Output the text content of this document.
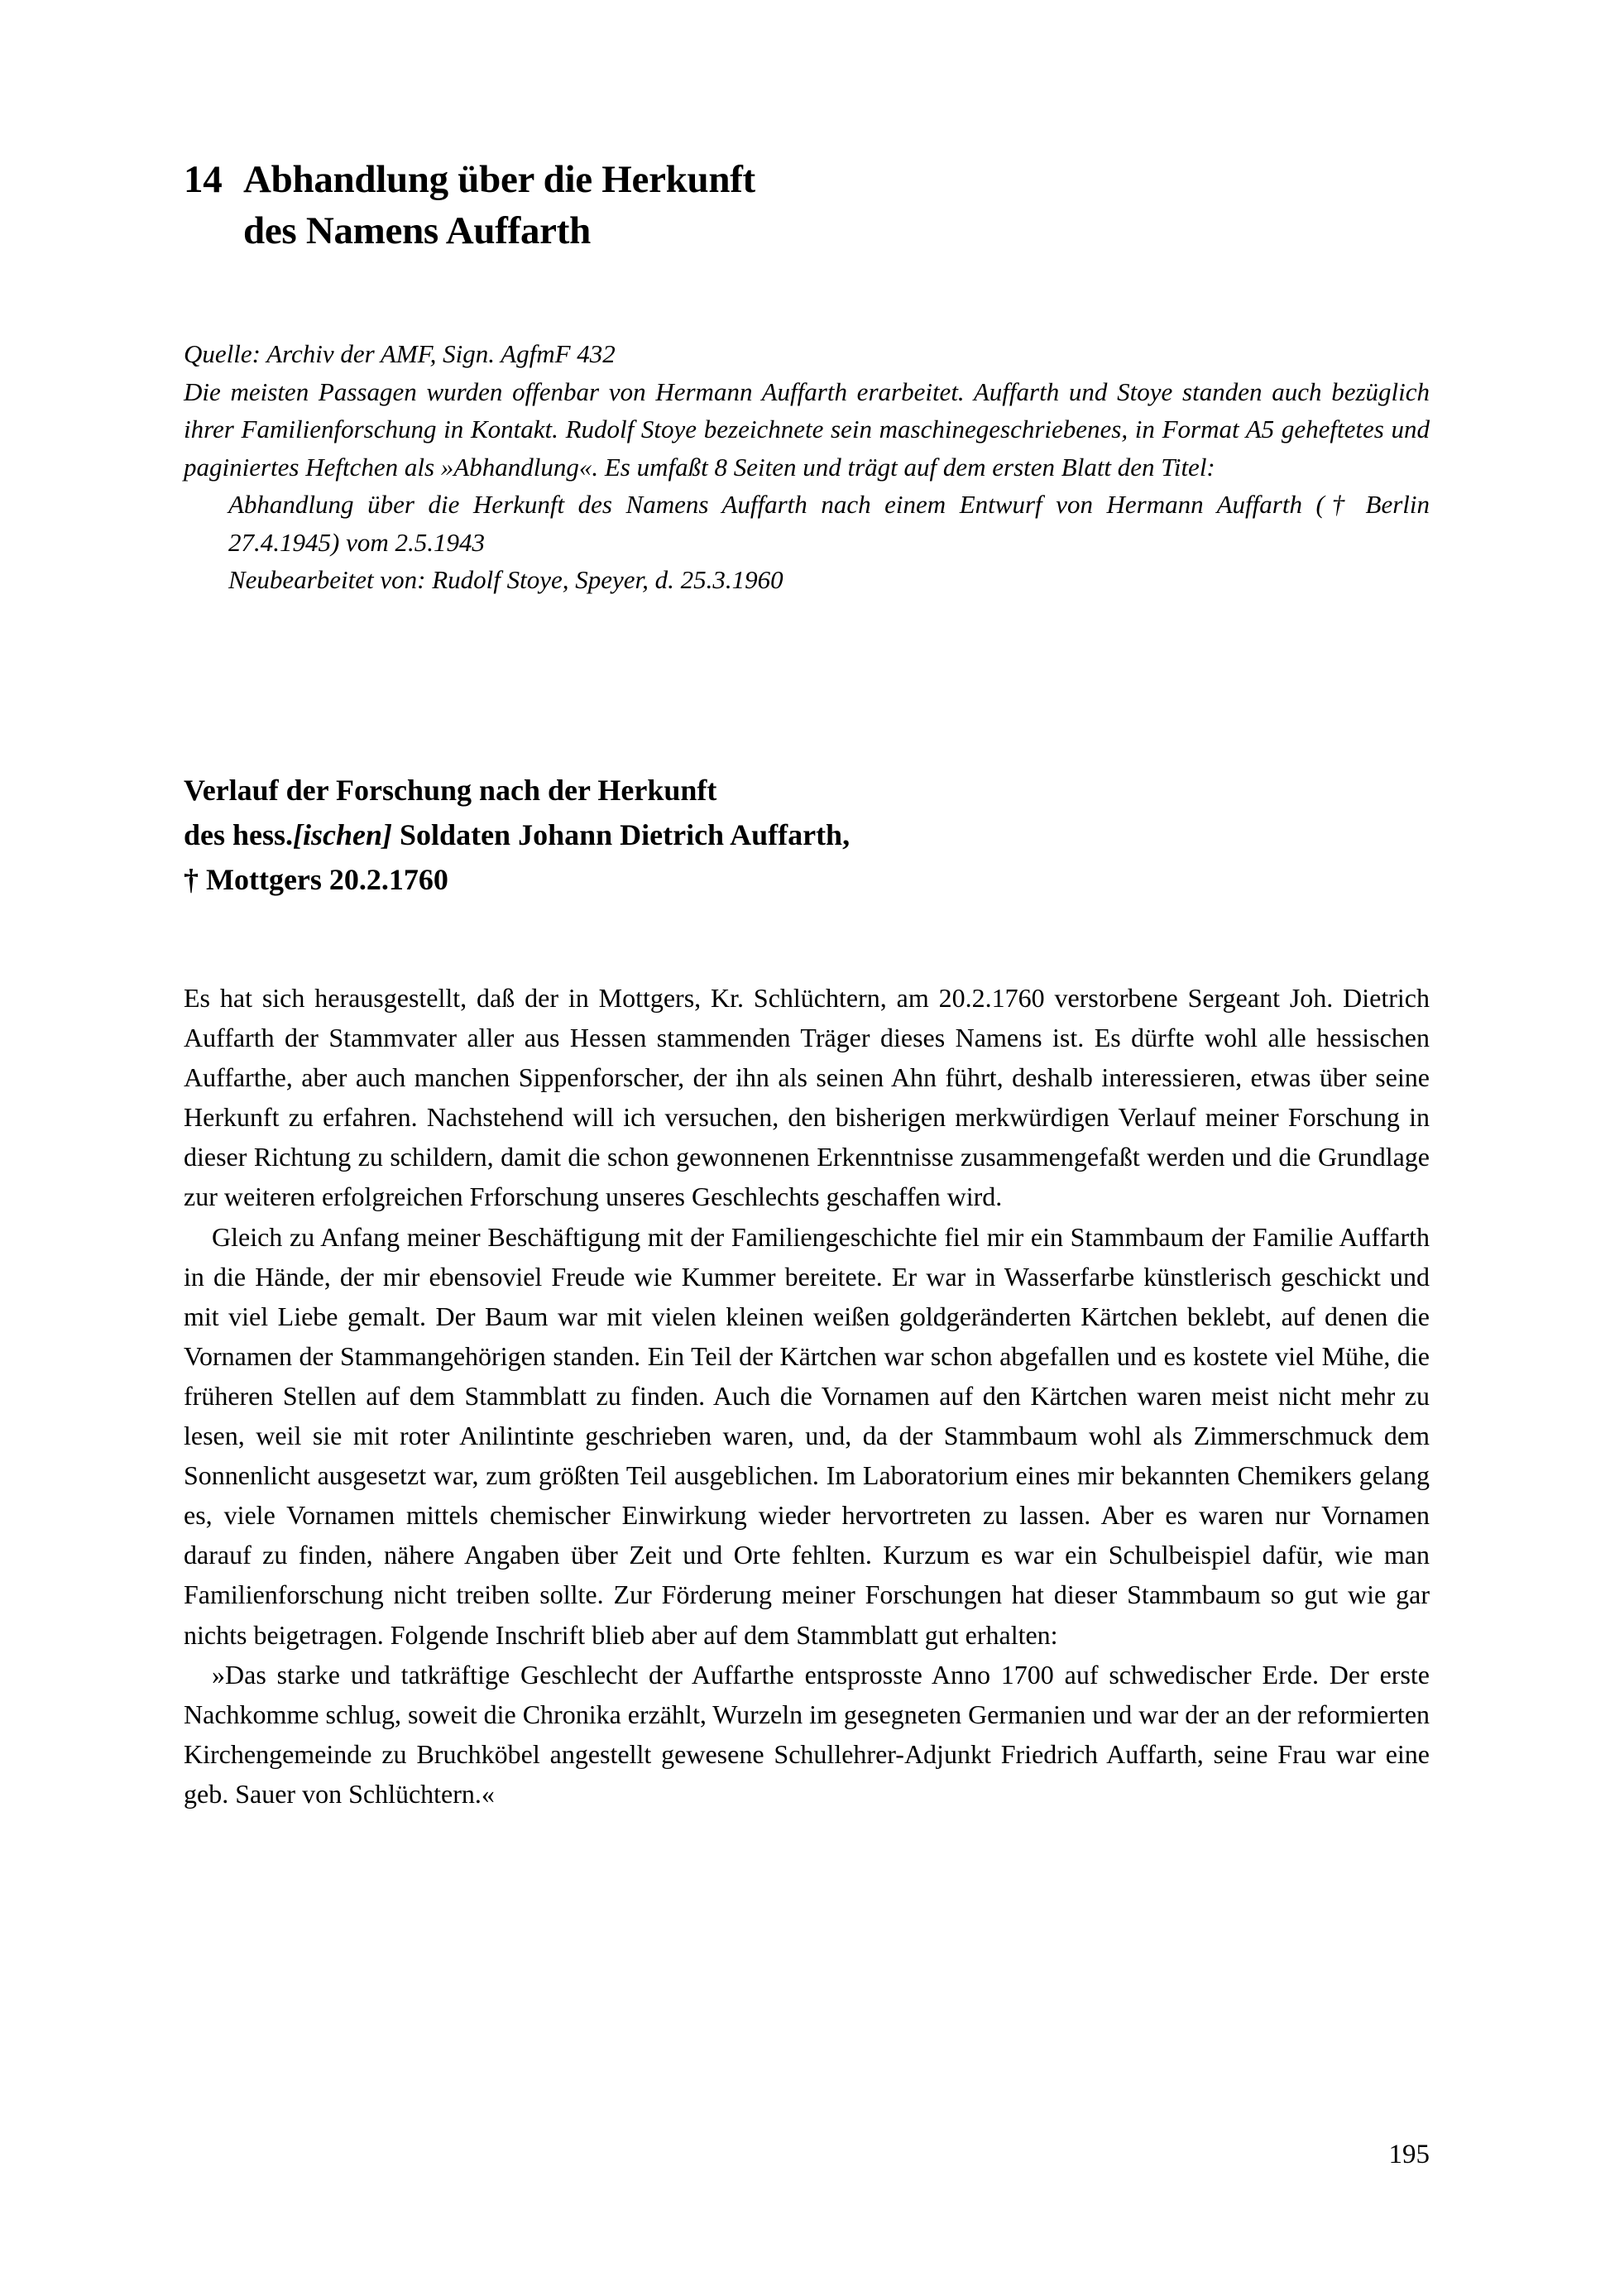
14 Abhandlung über die Herkunft
des Namens Auffarth

Quelle: Archiv der AMF, Sign. AgfmF 432

Die meisten Passagen wurden offenbar von Hermann Auffarth erarbeitet. Auffarth und Stoye standen auch bezüglich ihrer Familienforschung in Kontakt. Rudolf Stoye bezeichnete sein maschinegeschriebenes, in Format A5 geheftetes und paginiertes Heftchen als »Abhandlung«. Es umfaßt 8 Seiten und trägt auf dem ersten Blatt den Titel:

Abhandlung über die Herkunft des Namens Auffarth nach einem Entwurf von Hermann Auffarth († Berlin 27.4.1945) vom 2.5.1943

Neubearbeitet von: Rudolf Stoye, Speyer, d. 25.3.1960

Verlauf der Forschung nach der Herkunft
des hess.[ischen] Soldaten Johann Dietrich Auffarth,
† Mottgers 20.2.1760

Es hat sich herausgestellt, daß der in Mottgers, Kr. Schlüchtern, am 20.2.1760 verstorbene Sergeant Joh. Dietrich Auffarth der Stammvater aller aus Hessen stammenden Träger dieses Namens ist. Es dürfte wohl alle hessischen Auffarthe, aber auch manchen Sippenforscher, der ihn als seinen Ahn führt, deshalb interessieren, etwas über seine Herkunft zu erfahren. Nachstehend will ich versuchen, den bisherigen merkwürdigen Verlauf meiner Forschung in dieser Richtung zu schildern, damit die schon gewonnenen Erkenntnisse zusammengefaßt werden und die Grundlage zur weiteren erfolgreichen Frforschung unseres Geschlechts geschaffen wird.

Gleich zu Anfang meiner Beschäftigung mit der Familiengeschichte fiel mir ein Stammbaum der Familie Auffarth in die Hände, der mir ebensoviel Freude wie Kummer bereitete. Er war in Wasserfarbe künstlerisch geschickt und mit viel Liebe gemalt. Der Baum war mit vielen kleinen weißen goldgeränderten Kärtchen beklebt, auf denen die Vornamen der Stammangehörigen standen. Ein Teil der Kärtchen war schon abgefallen und es kostete viel Mühe, die früheren Stellen auf dem Stammblatt zu finden. Auch die Vornamen auf den Kärtchen waren meist nicht mehr zu lesen, weil sie mit roter Anilintinte geschrieben waren, und, da der Stammbaum wohl als Zimmerschmuck dem Sonnenlicht ausgesetzt war, zum größten Teil ausgeblichen. Im Laboratorium eines mir bekannten Chemikers gelang es, viele Vornamen mittels chemischer Einwirkung wieder hervortreten zu lassen. Aber es waren nur Vornamen darauf zu finden, nähere Angaben über Zeit und Orte fehlten. Kurzum es war ein Schulbeispiel dafür, wie man Familienforschung nicht treiben sollte. Zur Förderung meiner Forschungen hat dieser Stammbaum so gut wie gar nichts beigetragen. Folgende Inschrift blieb aber auf dem Stammblatt gut erhalten:

»Das starke und tatkräftige Geschlecht der Auffarthe entsprosste Anno 1700 auf schwedischer Erde. Der erste Nachkomme schlug, soweit die Chronika erzählt, Wurzeln im gesegneten Germanien und war der an der reformierten Kirchengemeinde zu Bruchköbel angestellt gewesene Schullehrer-Adjunkt Friedrich Auffarth, seine Frau war eine geb. Sauer von Schlüchtern.«

195
